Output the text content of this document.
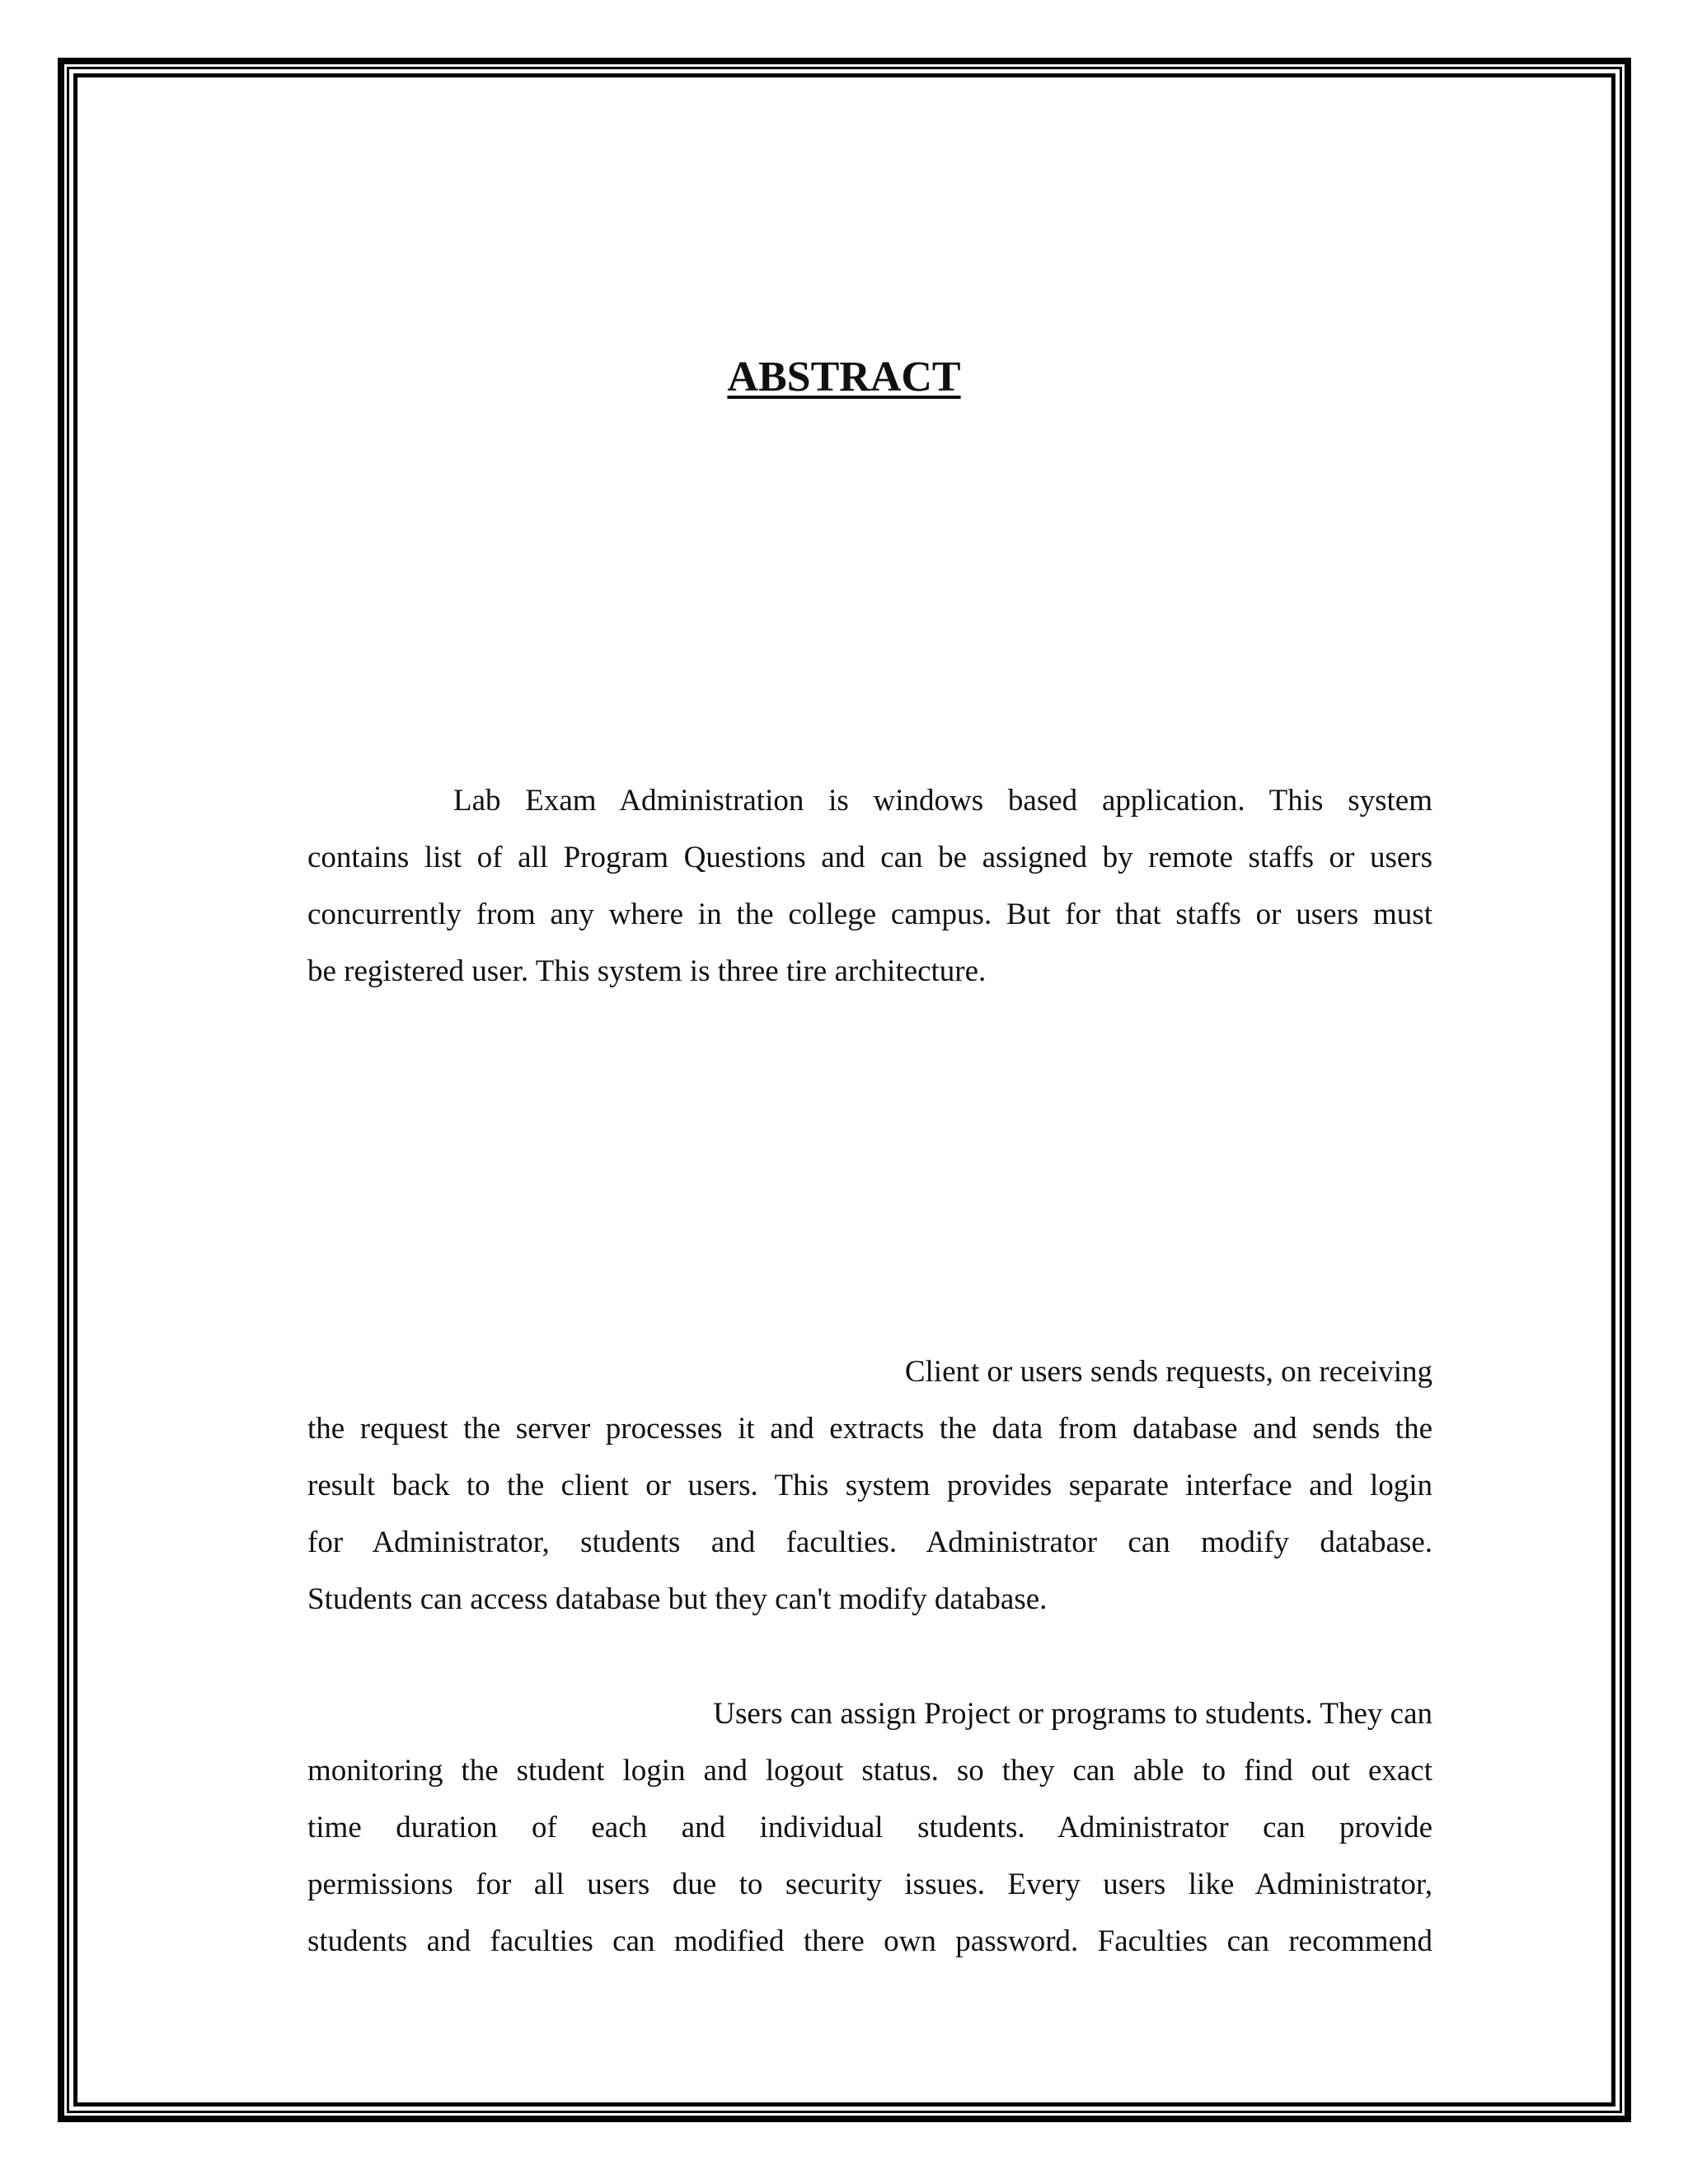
ABSTRACT

Lab Exam Administration is windows based application. This system
contains list of all Program Questions and can be assigned by remote staffs or users
concurrently from any where in the college campus. But for that staffs or users must
be registered user. This system is three tire architecture.

Client or users sends requests, on receiving
the request the server processes it and extracts the data from database and sends the
result back to the client or users. This system provides separate interface and login
for Administrator, students and faculties. Administrator can modify database.
Students can access database but they can't modify database.

Users can assign Project or programs to students. They can
monitoring the student login and logout status. so they can able to find out exact
time duration of each and individual students. Administrator can provide
permissions for all users due to security issues. Every users like Administrator,
students and faculties can modified there own password. Faculties can recommend
